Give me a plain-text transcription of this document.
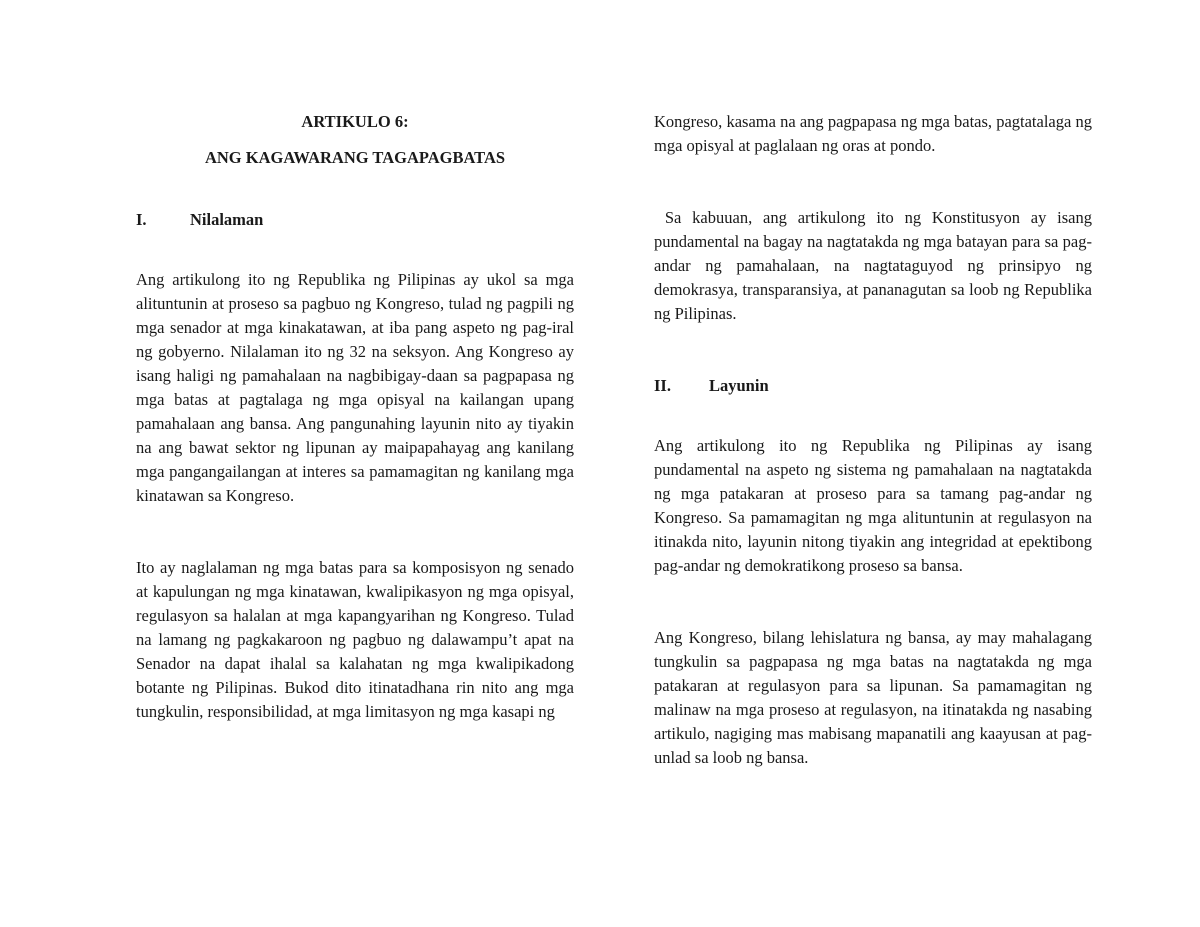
ARTIKULO 6:

ANG KAGAWARANG TAGAPAGBATAS

I.	Nilalaman

Ang artikulong ito ng Republika ng Pilipinas ay ukol sa mga alituntunin at proseso sa pagbuo ng Kongreso, tulad ng pagpili ng mga senador at mga kinakatawan, at iba pang aspeto ng pag-iral ng gobyerno. Nilalaman ito ng 32 na seksyon. Ang Kongreso ay isang haligi ng pamahalaan na nagbibigay-daan sa pagpapasa ng mga batas at pagtalaga ng mga opisyal na kailangan upang pamahalaan ang bansa. Ang pangunahing layunin nito ay tiyakin na ang bawat sektor ng lipunan ay maipapahayag ang kanilang mga pangangailangan at interes sa pamamagitan ng kanilang mga kinatawan sa Kongreso.

Ito ay naglalaman ng mga batas para sa komposisyon ng senado at kapulungan ng mga kinatawan, kwalipikasyon ng mga opisyal, regulasyon sa halalan at mga kapangyarihan ng Kongreso. Tulad na lamang ng pagkakaroon ng pagbuo ng dalawampu’t apat na Senador na dapat ihalal sa kalahatan ng mga kwalipikadong botante ng Pilipinas. Bukod dito itinatadhana rin nito ang mga tungkulin, responsibilidad, at mga limitasyon ng mga kasapi ng

Kongreso, kasama na ang pagpapasa ng mga batas, pagtatalaga ng mga opisyal at paglalaan ng oras at pondo.

Sa kabuuan, ang artikulong ito ng Konstitusyon ay isang pundamental na bagay na nagtatakda ng mga batayan para sa pag-andar ng pamahalaan, na nagtataguyod ng prinsipyo ng demokrasya, transparansiya, at pananagutan sa loob ng Republika ng Pilipinas.

II.	Layunin

Ang artikulong ito ng Republika ng Pilipinas ay isang pundamental na aspeto ng sistema ng pamahalaan na nagtatakda ng mga patakaran at proseso para sa tamang pag-andar ng Kongreso. Sa pamamagitan ng mga alituntunin at regulasyon na itinakda nito, layunin nitong tiyakin ang integridad at epektibong pag-andar ng demokratikong proseso sa bansa.

Ang Kongreso, bilang lehislatura ng bansa, ay may mahalagang tungkulin sa pagpapasa ng mga batas na nagtatakda ng mga patakaran at regulasyon para sa lipunan. Sa pamamagitan ng malinaw na mga proseso at regulasyon, na itinatakda ng nasabing artikulo, nagiging mas mabisang mapanatili ang kaayusan at pag-unlad sa loob ng bansa.
